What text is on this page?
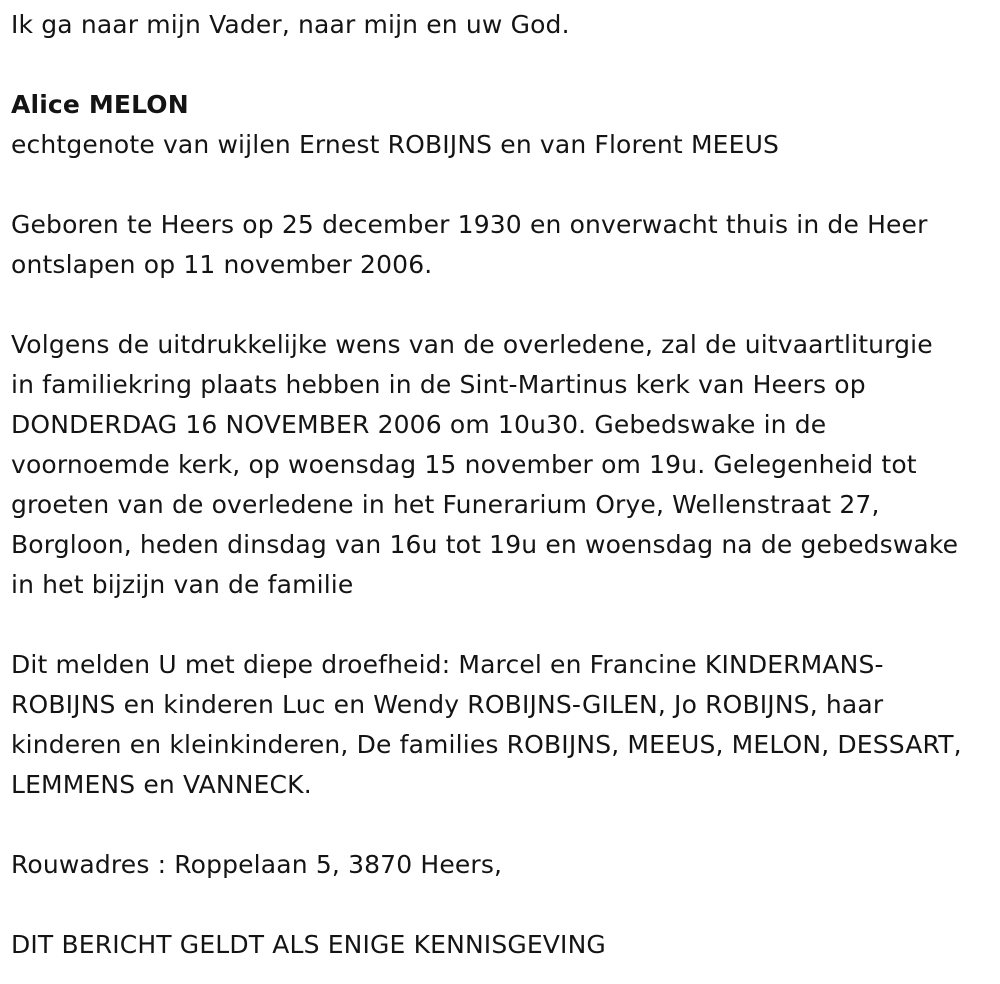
Ik ga naar mijn Vader, naar mijn en uw God.
Alice MELON
echtgenote van wijlen Ernest ROBIJNS en van Florent MEEUS
Geboren te Heers op 25 december 1930 en onverwacht thuis in de Heer
ontslapen op 11 november 2006.
Volgens de uitdrukkelijke wens van de overledene, zal de uitvaartliturgie
in familiekring plaats hebben in de Sint-Martinus kerk van Heers op
DONDERDAG 16 NOVEMBER 2006 om 10u30. Gebedswake in de
voornoemde kerk, op woensdag 15 november om 19u. Gelegenheid tot
groeten van de overledene in het Funerarium Orye, Wellenstraat 27,
Borgloon, heden dinsdag van 16u tot 19u en woensdag na de gebedswake
in het bijzijn van de familie
Dit melden U met diepe droefheid: Marcel en Francine KINDERMANS-
ROBIJNS en kinderen Luc en Wendy ROBIJNS-GILEN, Jo ROBIJNS, haar
kinderen en kleinkinderen, De families ROBIJNS, MEEUS, MELON, DESSART,
LEMMENS en VANNECK.
Rouwadres : Roppelaan 5, 3870 Heers,
DIT BERICHT GELDT ALS ENIGE KENNISGEVING
